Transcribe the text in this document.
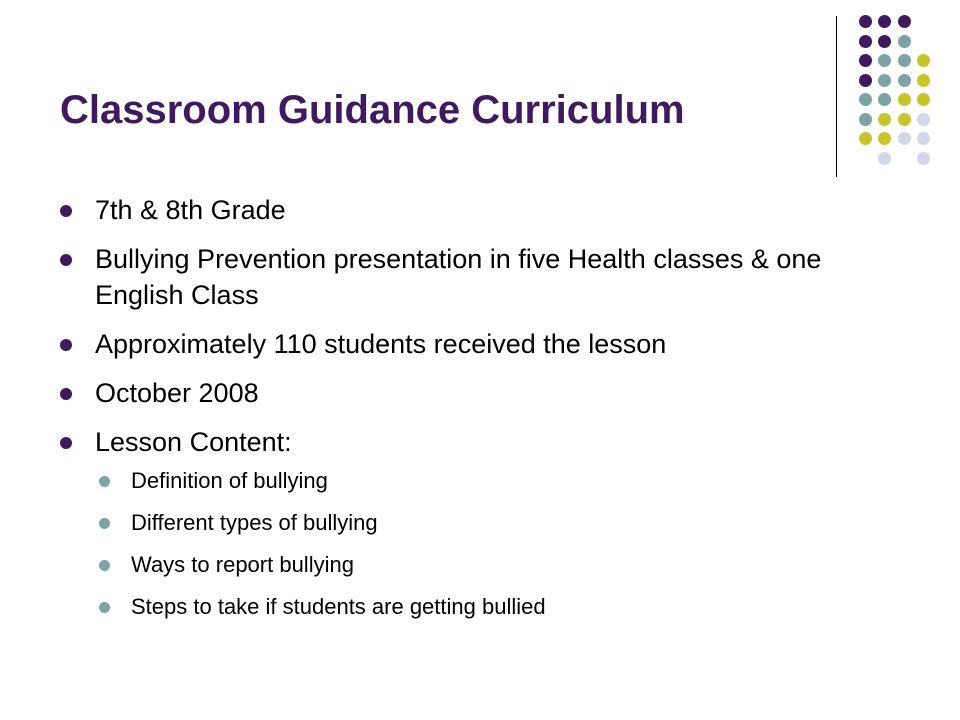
Classroom Guidance Curriculum
7th & 8th Grade
Bullying Prevention presentation in five Health classes & one English Class
Approximately 110 students received the lesson
October 2008
Lesson Content:
Definition of bullying
Different types of bullying
Ways to report bullying
Steps to take if students are getting bullied
